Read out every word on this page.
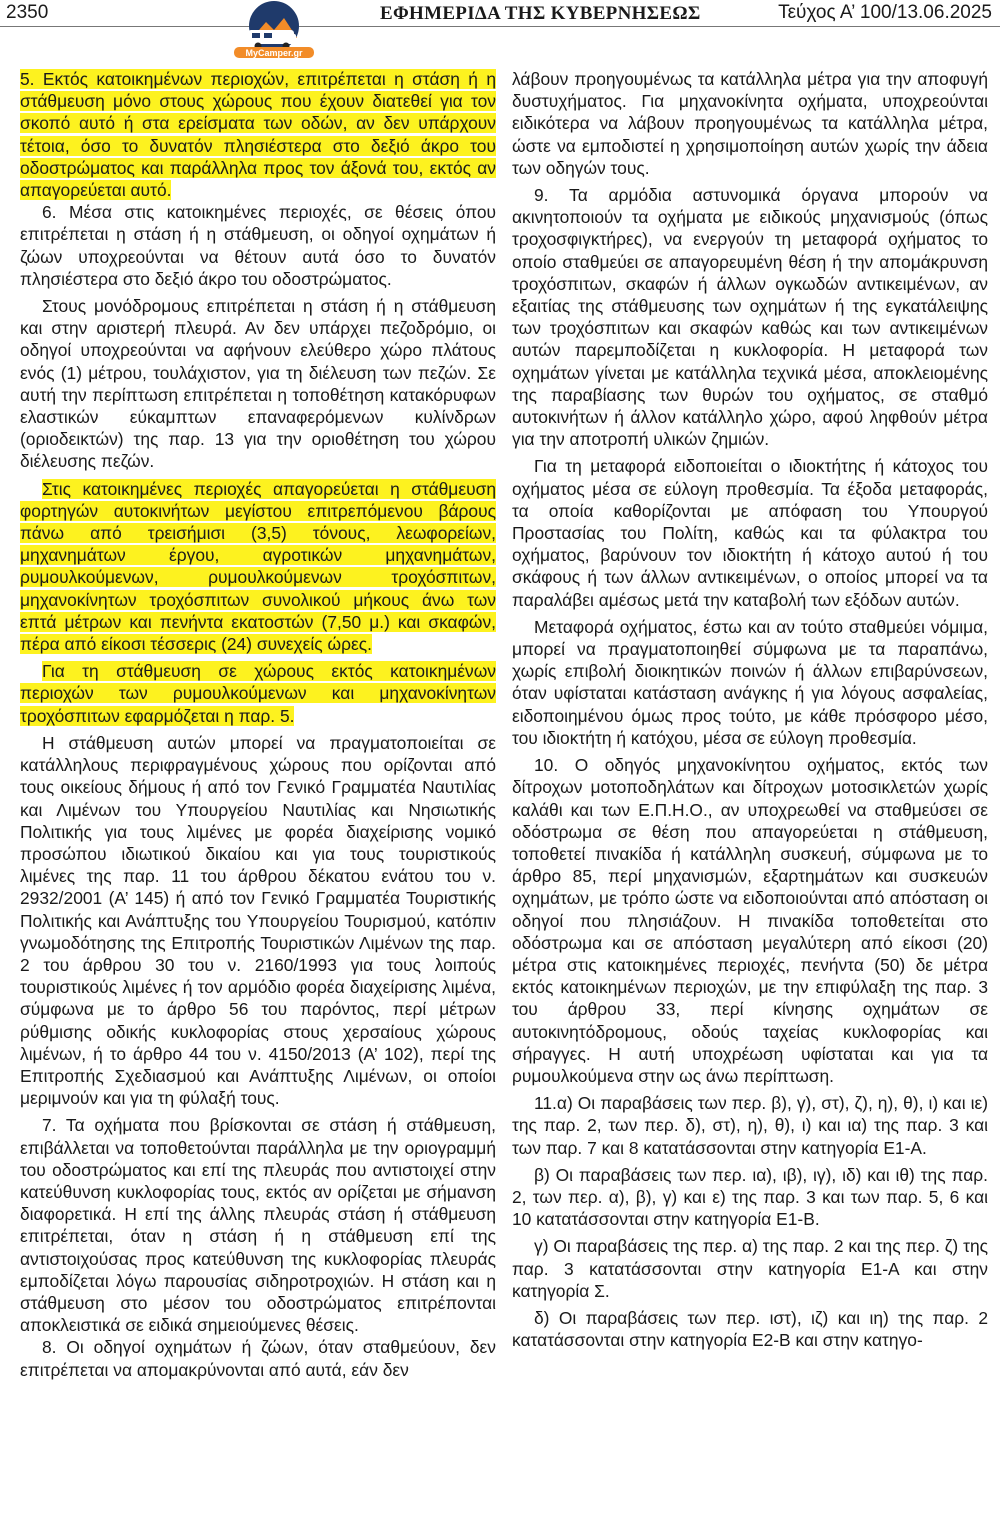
2350	ΕΦΗΜΕΡΙΔΑ ΤΗΣ ΚΥΒΕΡΝΗΣΕΩΣ	Τεύχος Α’ 100/13.06.2025
MyCamper.gr

5. Εκτός κατοικημένων περιοχών, επιτρέπεται η στάση ή η στάθμευση μόνο στους χώρους που έχουν διατεθεί για τον σκοπό αυτό ή στα ερείσματα των οδών, αν δεν υπάρχουν τέτοια, όσο το δυνατόν πλησιέστερα στο δεξιό άκρο του οδοστρώματος και παράλληλα προς τον άξονά του, εκτός αν απαγορεύεται αυτό.

6. Μέσα στις κατοικημένες περιοχές, σε θέσεις όπου επιτρέπεται η στάση ή η στάθμευση, οι οδηγοί οχημάτων ή ζώων υποχρεούνται να θέτουν αυτά όσο το δυνατόν πλησιέστερα στο δεξιό άκρο του οδοστρώματος.

Στους μονόδρομους επιτρέπεται η στάση ή η στάθμευση και στην αριστερή πλευρά. Αν δεν υπάρχει πεζοδρόμιο, οι οδηγοί υποχρεούνται να αφήνουν ελεύθερο χώρο πλάτους ενός (1) μέτρου, τουλάχιστον, για τη διέλευση των πεζών. Σε αυτή την περίπτωση επιτρέπεται η τοποθέτηση κατακόρυφων ελαστικών εύκαμπτων επαναφερόμενων κυλίνδρων (οριοδεικτών) της παρ. 13 για την οριοθέτηση του χώρου διέλευσης πεζών.

Στις κατοικημένες περιοχές απαγορεύεται η στάθμευση φορτηγών αυτοκινήτων μεγίστου επιτρεπόμενου βάρους πάνω από τρεισήμισι (3,5) τόνους, λεωφορείων, μηχανημάτων έργου, αγροτικών μηχανημάτων, ρυμουλκούμενων, ρυμουλκούμενων τροχόσπιτων, μηχανοκίνητων τροχόσπιτων συνολικού μήκους άνω των επτά μέτρων και πενήντα εκατοστών (7,50 μ.) και σκαφών, πέρα από είκοσι τέσσερις (24) συνεχείς ώρες.

Για τη στάθμευση σε χώρους εκτός κατοικημένων περιοχών των ρυμουλκούμενων και μηχανοκίνητων τροχόσπιτων εφαρμόζεται η παρ. 5.

Η στάθμευση αυτών μπορεί να πραγματοποιείται σε κατάλληλους περιφραγμένους χώρους που ορίζονται από τους οικείους δήμους ή από τον Γενικό Γραμματέα Ναυτιλίας και Λιμένων του Υπουργείου Ναυτιλίας και Νησιωτικής Πολιτικής για τους λιμένες με φορέα διαχείρισης νομικό προσώπου ιδιωτικού δικαίου και για τους τουριστικούς λιμένες της παρ. 11 του άρθρου δέκατου ενάτου του ν. 2932/2001 (Α’ 145) ή από τον Γενικό Γραμματέα Τουριστικής Πολιτικής και Ανάπτυξης του Υπουργείου Τουρισμού, κατόπιν γνωμοδότησης της Επιτροπής Τουριστικών Λιμένων της παρ. 2 του άρθρου 30 του ν. 2160/1993 για τους λοιπούς τουριστικούς λιμένες ή τον αρμόδιο φορέα διαχείρισης λιμένα, σύμφωνα με το άρθρο 56 του παρόντος, περί μέτρων ρύθμισης οδικής κυκλοφορίας στους χερσαίους χώρους λιμένων, ή το άρθρο 44 του ν. 4150/2013 (Α’ 102), περί της Επιτροπής Σχεδιασμού και Ανάπτυξης Λιμένων, οι οποίοι μεριμνούν και για τη φύλαξή τους.

7. Τα οχήματα που βρίσκονται σε στάση ή στάθμευση, επιβάλλεται να τοποθετούνται παράλληλα με την οριογραμμή του οδοστρώματος και επί της πλευράς που αντιστοιχεί στην κατεύθυνση κυκλοφορίας τους, εκτός αν ορίζεται με σήμανση διαφορετικά. Η επί της άλλης πλευράς στάση ή στάθμευση επιτρέπεται, όταν η στάση ή η στάθμευση επί της αντιστοιχούσας προς κατεύθυνση της κυκλοφορίας πλευράς εμποδίζεται λόγω παρουσίας σιδηροτροχιών. Η στάση και η στάθμευση στο μέσον του οδοστρώματος επιτρέπονται αποκλειστικά σε ειδικά σημειούμενες θέσεις.

8. Οι οδηγοί οχημάτων ή ζώων, όταν σταθμεύουν, δεν επιτρέπεται να απομακρύνονται από αυτά, εάν δεν

λάβουν προηγουμένως τα κατάλληλα μέτρα για την αποφυγή δυστυχήματος. Για μηχανοκίνητα οχήματα, υποχρεούνται ειδικότερα να λάβουν προηγουμένως τα κατάλληλα μέτρα, ώστε να εμποδιστεί η χρησιμοποίηση αυτών χωρίς την άδεια των οδηγών τους.

9. Τα αρμόδια αστυνομικά όργανα μπορούν να ακινητοποιούν τα οχήματα με ειδικούς μηχανισμούς (όπως τροχοσφιγκτήρες), να ενεργούν τη μεταφορά οχήματος το οποίο σταθμεύει σε απαγορευμένη θέση ή την απομάκρυνση τροχόσπιτων, σκαφών ή άλλων ογκωδών αντικειμένων, αν εξαιτίας της στάθμευσης των οχημάτων ή της εγκατάλειψης των τροχόσπιτων και σκαφών καθώς και των αντικειμένων αυτών παρεμποδίζεται η κυκλοφορία. Η μεταφορά των οχημάτων γίνεται με κατάλληλα τεχνικά μέσα, αποκλειομένης της παραβίασης των θυρών του οχήματος, σε σταθμό αυτοκινήτων ή άλλον κατάλληλο χώρο, αφού ληφθούν μέτρα για την αποτροπή υλικών ζημιών.

Για τη μεταφορά ειδοποιείται ο ιδιοκτήτης ή κάτοχος του οχήματος μέσα σε εύλογη προθεσμία. Τα έξοδα μεταφοράς, τα οποία καθορίζονται με απόφαση του Υπουργού Προστασίας του Πολίτη, καθώς και τα φύλακτρα του οχήματος, βαρύνουν τον ιδιοκτήτη ή κάτοχο αυτού ή του σκάφους ή των άλλων αντικειμένων, ο οποίος μπορεί να τα παραλάβει αμέσως μετά την καταβολή των εξόδων αυτών.

Μεταφορά οχήματος, έστω και αν τούτο σταθμεύει νόμιμα, μπορεί να πραγματοποιηθεί σύμφωνα με τα παραπάνω, χωρίς επιβολή διοικητικών ποινών ή άλλων επιβαρύνσεων, όταν υφίσταται κατάσταση ανάγκης ή για λόγους ασφαλείας, ειδοποιημένου όμως προς τούτο, με κάθε πρόσφορο μέσο, του ιδιοκτήτη ή κατόχου, μέσα σε εύλογη προθεσμία.

10. Ο οδηγός μηχανοκίνητου οχήματος, εκτός των δίτροχων μοτοποδηλάτων και δίτροχων μοτοσικλετών χωρίς καλάθι και των Ε.Π.Η.Ο., αν υποχρεωθεί να σταθμεύσει σε οδόστρωμα σε θέση που απαγορεύεται η στάθμευση, τοποθετεί πινακίδα ή κατάλληλη συσκευή, σύμφωνα με το άρθρο 85, περί μηχανισμών, εξαρτημάτων και συσκευών οχημάτων, με τρόπο ώστε να ειδοποιούνται από απόσταση οι οδηγοί που πλησιάζουν. Η πινακίδα τοποθετείται στο οδόστρωμα και σε απόσταση μεγαλύτερη από είκοσι (20) μέτρα στις κατοικημένες περιοχές, πενήντα (50) δε μέτρα εκτός κατοικημένων περιοχών, με την επιφύλαξη της παρ. 3 του άρθρου 33, περί κίνησης οχημάτων σε αυτοκινητόδρομους, οδούς ταχείας κυκλοφορίας και σήραγγες. Η αυτή υποχρέωση υφίσταται και για τα ρυμουλκούμενα στην ως άνω περίπτωση.

11.α) Οι παραβάσεις των περ. β), γ), στ), ζ), η), θ), ι) και ιε) της παρ. 2, των περ. δ), στ), η), θ), ι) και ια) της παρ. 3 και των παρ. 7 και 8 κατατάσσονται στην κατηγορία Ε1-Α.

β) Οι παραβάσεις των περ. ια), ιβ), ιγ), ιδ) και ιθ) της παρ. 2, των περ. α), β), γ) και ε) της παρ. 3 και των παρ. 5, 6 και 10 κατατάσσονται στην κατηγορία Ε1-Β.

γ) Οι παραβάσεις της περ. α) της παρ. 2 και της περ. ζ) της παρ. 3 κατατάσσονται στην κατηγορία Ε1-Α και στην κατηγορία Σ.

δ) Οι παραβάσεις των περ. ιστ), ιζ) και ιη) της παρ. 2 κατατάσσονται στην κατηγορία Ε2-Β και στην κατηγο-
